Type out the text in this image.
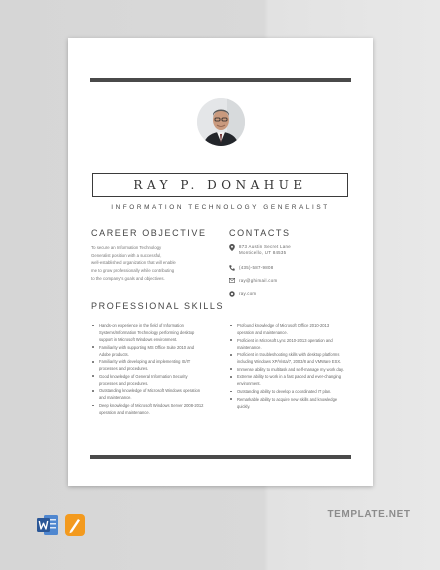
RAY P. DONAHUE
INFORMATION TECHNOLOGY GENERALIST
CAREER OBJECTIVE
To secure an Information Technology
Generalist position with a successful,
well-established organization that will enable
me to grow professionally while contributing
to the company's goals and objectives.
CONTACTS
873 Austin Secret Lane
Monticello, UT 84535
(435)-587-9808
ray@ghimail.com
ray.com
PROFESSIONAL SKILLS
Hands-on experience in the field of Information Systems/Information Technology performing desktop support in Microsoft Windows environment.
Familiarity with supporting MS Office Suite 2010 and Adobe products.
Familiarity with developing and implementing IS/IT processes and procedures.
Good knowledge of General Information Security processes and procedures.
Outstanding knowledge of Microsoft Windows operation and maintenance.
Deep knowledge of Microsoft Windows Server 2008-2012 operation and maintenance.
Profound knowledge of Microsoft Office 2010-2013 operation and maintenance.
Proficient in Microsoft Lync 2010-2013 operation and maintenance.
Proficient in troubleshooting skills with desktop platforms including Windows XP/Vista/7, 2003/8 and VMWare ESX.
Immense ability to multitask and self-manage my work day.
Extreme ability to work in a fast paced and ever-changing environment.
Outstanding ability to develop a coordinated IT plan.
Remarkable ability to acquire new skills and knowledge quickly.
TEMPLATE.NET
